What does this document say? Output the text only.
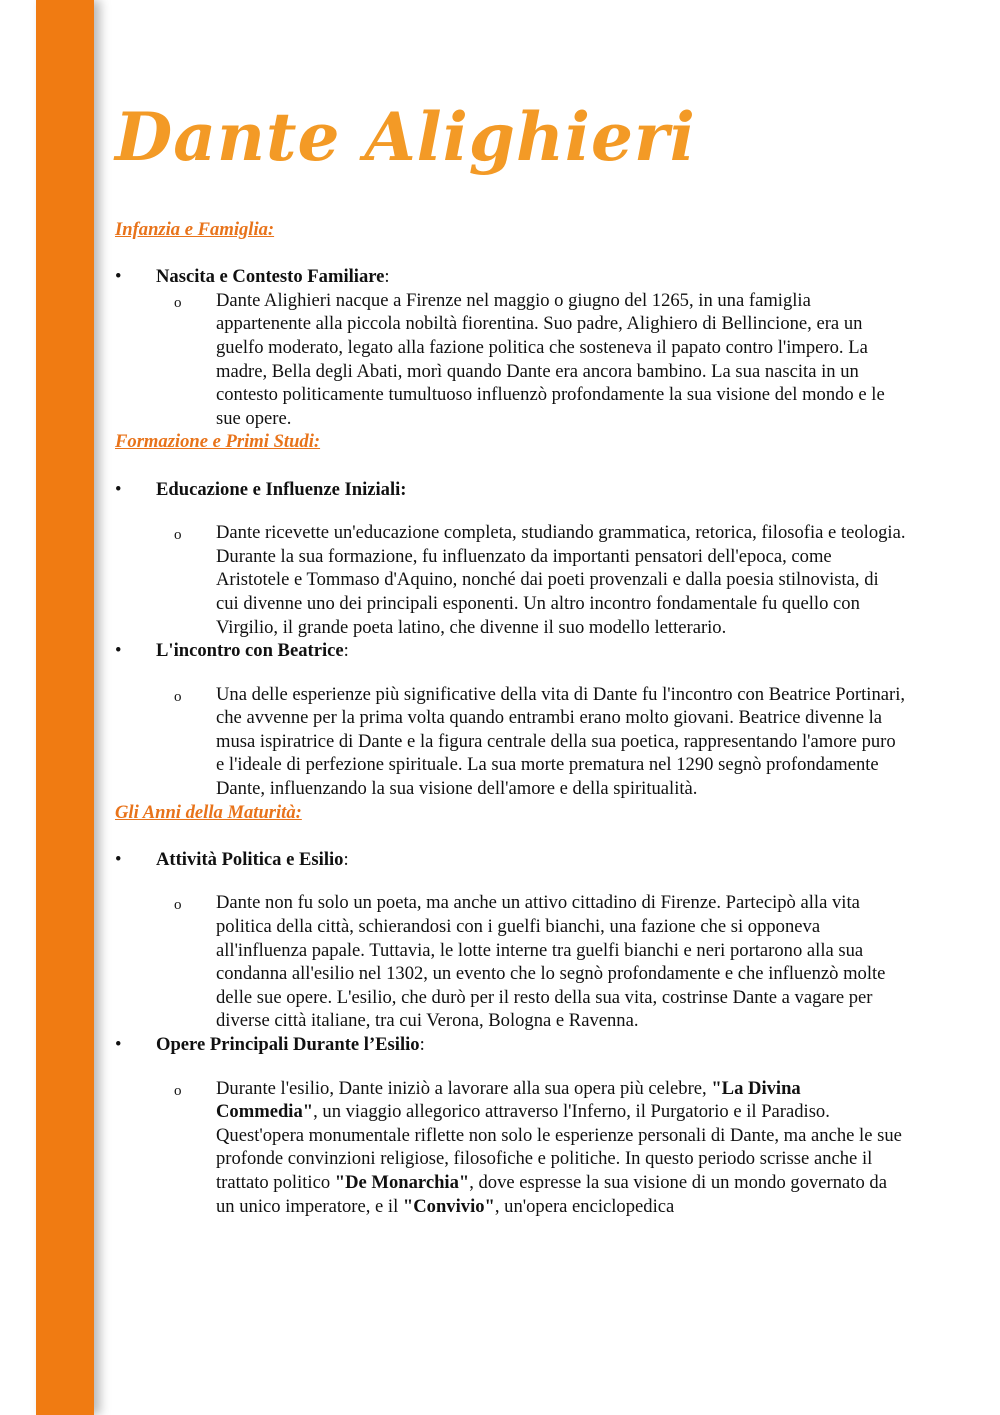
Dante Alighieri
Infanzia e Famiglia:
• Nascita e Contesto Familiare:
o Dante Alighieri nacque a Firenze nel maggio o giugno del 1265, in una famiglia appartenente alla piccola nobiltà fiorentina. Suo padre, Alighiero di Bellincione, era un guelfo moderato, legato alla fazione politica che sosteneva il papato contro l'impero. La madre, Bella degli Abati, morì quando Dante era ancora bambino. La sua nascita in un contesto politicamente tumultuoso influenzò profondamente la sua visione del mondo e le sue opere.

Formazione e Primi Studi:
• Educazione e Influenze Iniziali:
o Dante ricevette un'educazione completa, studiando grammatica, retorica, filosofia e teologia. Durante la sua formazione, fu influenzato da importanti pensatori dell'epoca, come Aristotele e Tommaso d'Aquino, nonché dai poeti provenzali e dalla poesia stilnovista, di cui divenne uno dei principali esponenti. Un altro incontro fondamentale fu quello con Virgilio, il grande poeta latino, che divenne il suo modello letterario.

• L'incontro con Beatrice:
o Una delle esperienze più significative della vita di Dante fu l'incontro con Beatrice Portinari, che avvenne per la prima volta quando entrambi erano molto giovani. Beatrice divenne la musa ispiratrice di Dante e la figura centrale della sua poetica, rappresentando l'amore puro e l'ideale di perfezione spirituale. La sua morte prematura nel 1290 segnò profondamente Dante, influenzando la sua visione dell'amore e della spiritualità.

Gli Anni della Maturità:
• Attività Politica e Esilio:
o Dante non fu solo un poeta, ma anche un attivo cittadino di Firenze. Partecipò alla vita politica della città, schierandosi con i guelfi bianchi, una fazione che si opponeva all'influenza papale. Tuttavia, le lotte interne tra guelfi bianchi e neri portarono alla sua condanna all'esilio nel 1302, un evento che lo segnò profondamente e che influenzò molte delle sue opere. L'esilio, che durò per il resto della sua vita, costrinse Dante a vagare per diverse città italiane, tra cui Verona, Bologna e Ravenna.

• Opere Principali Durante l’Esilio:
o Durante l'esilio, Dante iniziò a lavorare alla sua opera più celebre, "La Divina Commedia", un viaggio allegorico attraverso l'Inferno, il Purgatorio e il Paradiso. Quest'opera monumentale riflette non solo le esperienze personali di Dante, ma anche le sue profonde convinzioni religiose, filosofiche e politiche. In questo periodo scrisse anche il trattato politico "De Monarchia", dove espresse la sua visione di un mondo governato da un unico imperatore, e il "Convivio", un'opera enciclopedica
